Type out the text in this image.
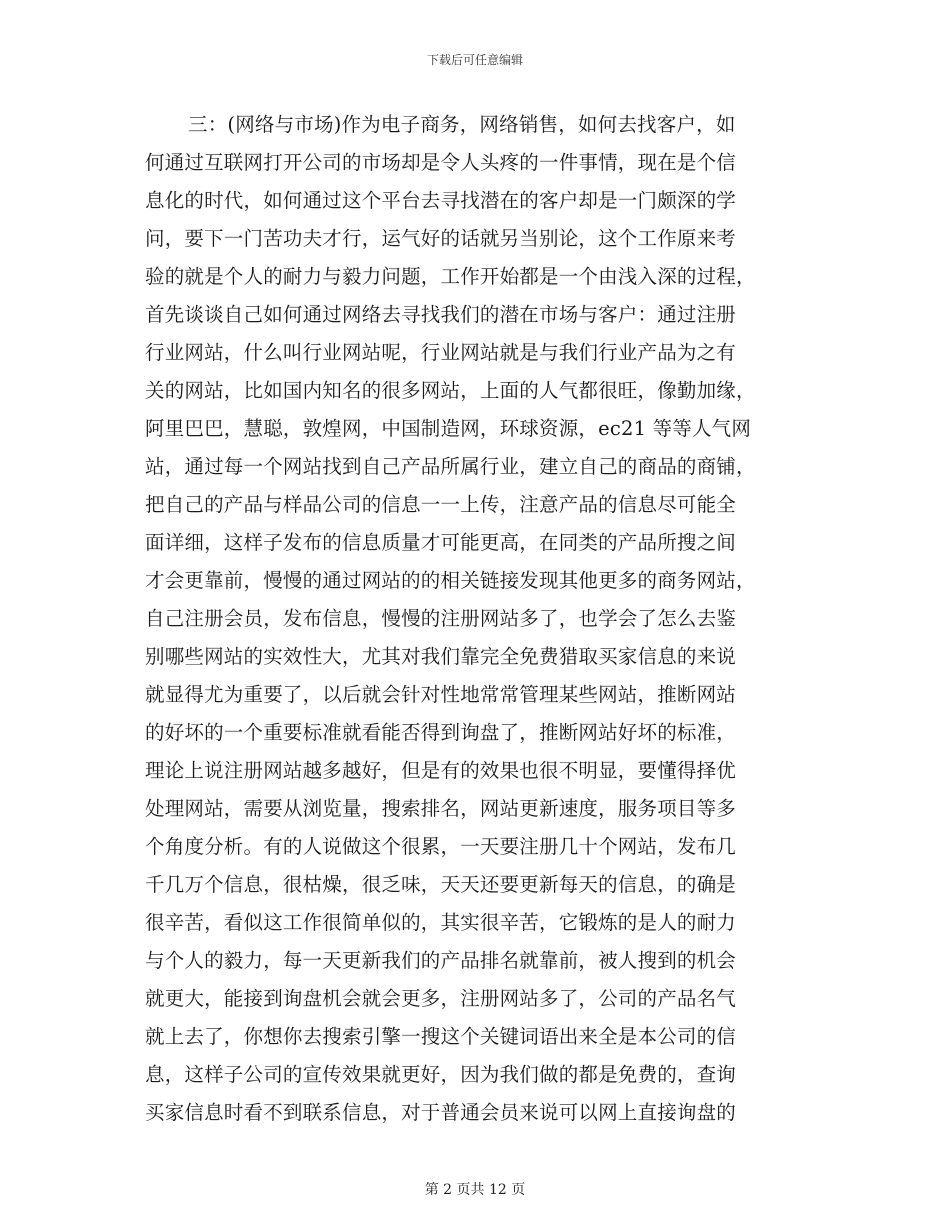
下载后可任意编辑
三：(网络与市场)作为电子商务，网络销售，如何去找客户，如
何通过互联网打开公司的市场却是令人头疼的一件事情，现在是个信
息化的时代，如何通过这个平台去寻找潜在的客户却是一门颇深的学
问，要下一门苦功夫才行，运气好的话就另当别论，这个工作原来考
验的就是个人的耐力与毅力问题，工作开始都是一个由浅入深的过程，
首先谈谈自己如何通过网络去寻找我们的潜在市场与客户：通过注册
行业网站，什么叫行业网站呢，行业网站就是与我们行业产品为之有
关的网站，比如国内知名的很多网站，上面的人气都很旺，像勤加缘，
阿里巴巴，慧聪，敦煌网，中国制造网，环球资源，ec21 等等人气网
站，通过每一个网站找到自己产品所属行业，建立自己的商品的商铺，
把自己的产品与样品公司的信息一一上传，注意产品的信息尽可能全
面详细，这样子发布的信息质量才可能更高，在同类的产品所搜之间
才会更靠前，慢慢的通过网站的的相关链接发现其他更多的商务网站，
自己注册会员，发布信息，慢慢的注册网站多了，也学会了怎么去鉴
别哪些网站的实效性大，尤其对我们靠完全免费猎取买家信息的来说
就显得尤为重要了，以后就会针对性地常常管理某些网站，推断网站
的好坏的一个重要标准就看能否得到询盘了，推断网站好坏的标准，
理论上说注册网站越多越好，但是有的效果也很不明显，要懂得择优
处理网站，需要从浏览量，搜索排名，网站更新速度，服务项目等多
个角度分析。有的人说做这个很累，一天要注册几十个网站，发布几
千几万个信息，很枯燥，很乏味，天天还要更新每天的信息，的确是
很辛苦，看似这工作很简单似的，其实很辛苦，它锻炼的是人的耐力
与个人的毅力，每一天更新我们的产品排名就靠前，被人搜到的机会
就更大，能接到询盘机会就会更多，注册网站多了，公司的产品名气
就上去了，你想你去搜索引擎一搜这个关键词语出来全是本公司的信
息，这样子公司的宣传效果就更好，因为我们做的都是免费的，查询
买家信息时看不到联系信息，对于普通会员来说可以网上直接询盘的
第 2 页共 12 页
